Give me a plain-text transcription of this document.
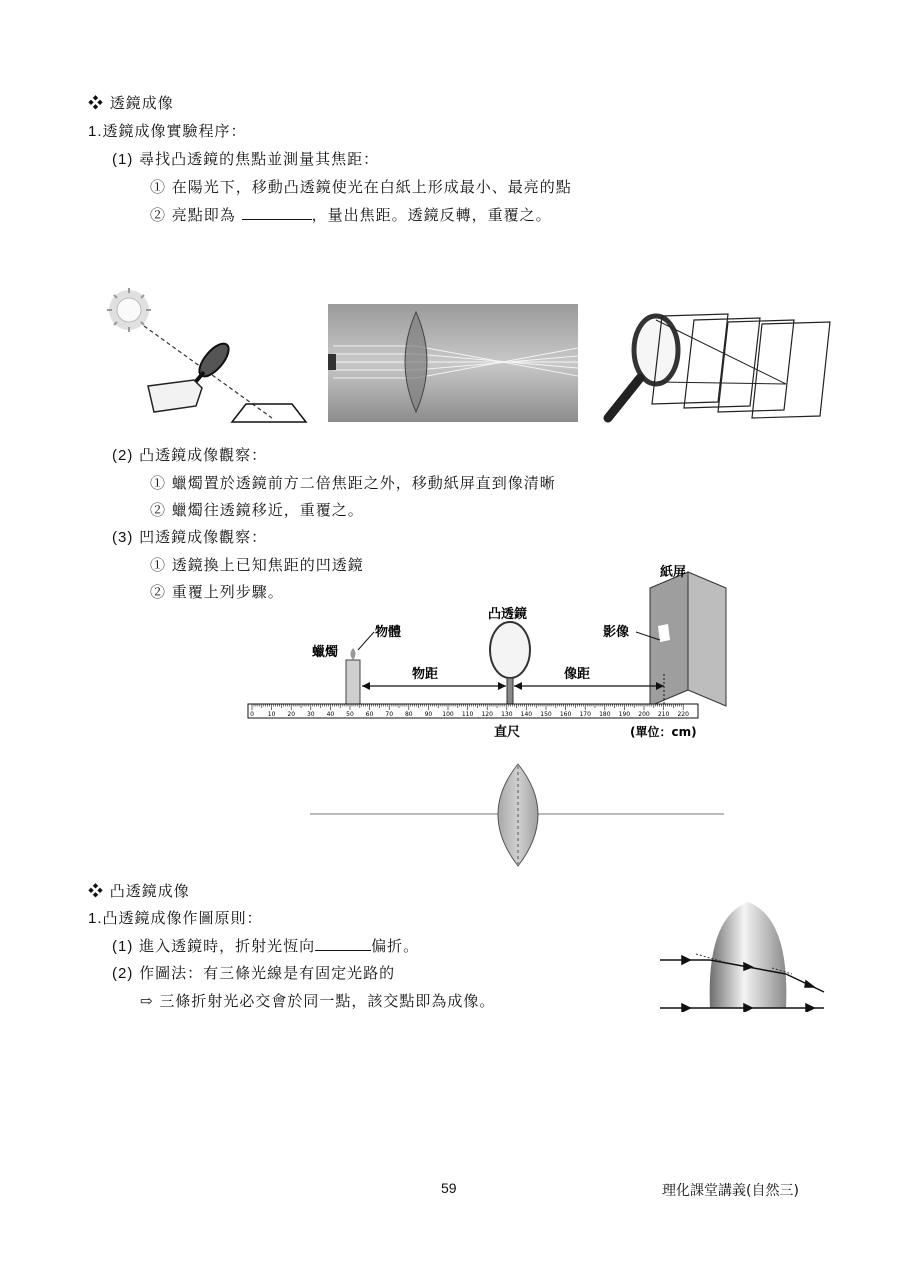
❖ 透鏡成像
1.透鏡成像實驗程序：
(1) 尋找凸透鏡的焦點並測量其焦距：
① 在陽光下，移動凸透鏡使光在白紙上形成最小、最亮的點
② 亮點即為	，量出焦距。透鏡反轉，重覆之。
(2) 凸透鏡成像觀察：
① 蠟燭置於透鏡前方二倍焦距之外，移動紙屏直到像清晰
② 蠟燭往透鏡移近，重覆之。
(3) 凹透鏡成像觀察：
① 透鏡換上已知焦距的凹透鏡
② 重覆上列步驟。
紙屏
影像
凸透鏡
物體
蠟燭
物距	像距
0 10 20 30 40 50 60 70 80 90 100 110 120 130 140 150 160 170 180 190 200 210 220
直尺	(單位：cm)
❖ 凸透鏡成像
1.凸透鏡成像作圖原則：
(1) 進入透鏡時，折射光恆向	偏折。
(2) 作圖法：有三條光線是有固定光路的
⇨ 三條折射光必交會於同一點，該交點即為成像。
59	理化課堂講義(自然三)
